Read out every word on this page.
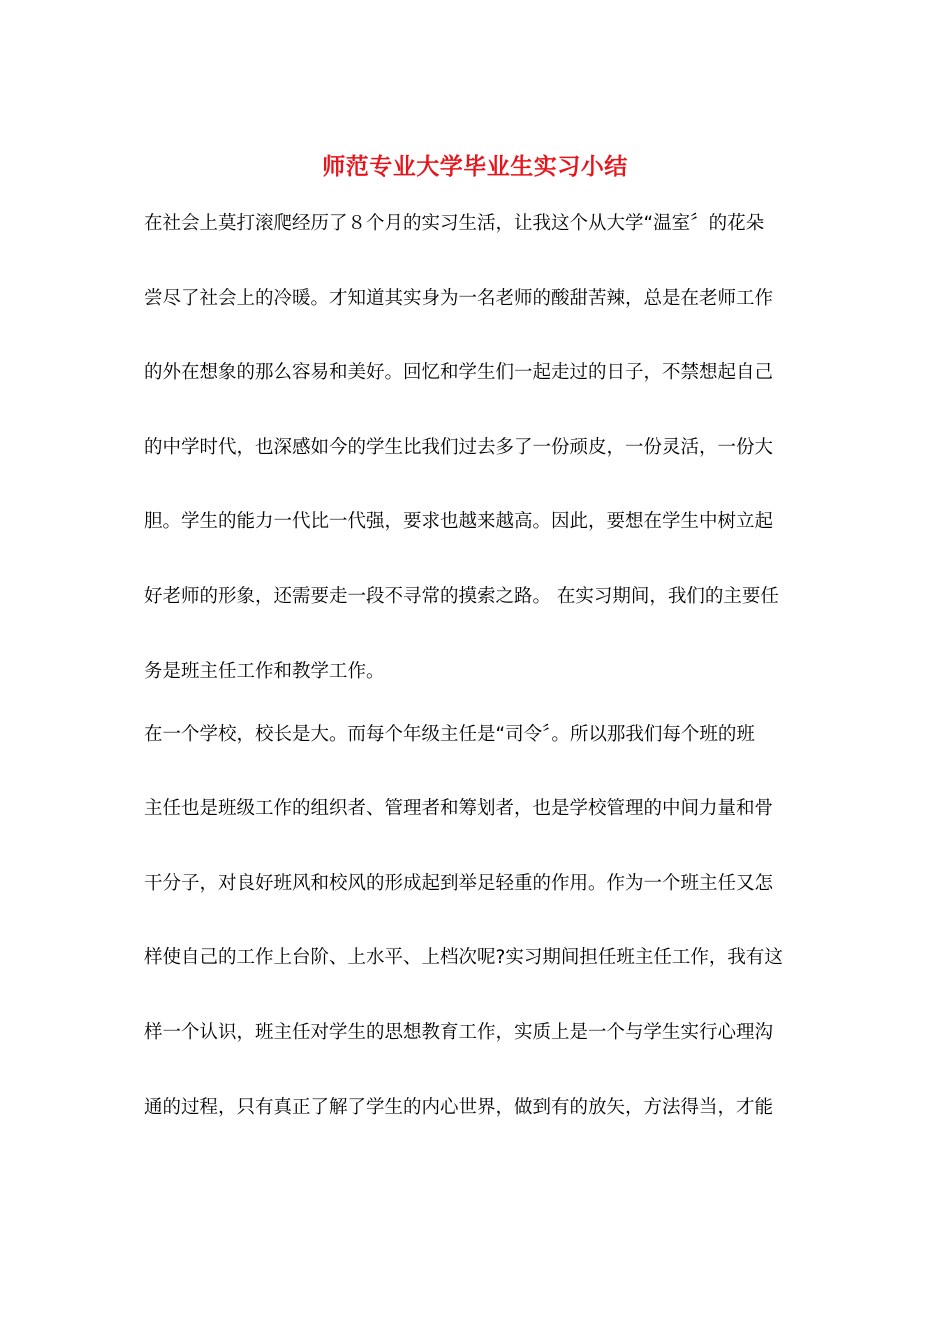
师范专业大学毕业生实习小结
在社会上莫打滚爬经历了８个月的实习生活，让我这个从大学“温室〞的花朵
尝尽了社会上的冷暖。才知道其实身为一名老师的酸甜苦辣，总是在老师工作
的外在想象的那么容易和美好。回忆和学生们一起走过的日子，不禁想起自己
的中学时代，也深感如今的学生比我们过去多了一份顽皮，一份灵活，一份大
胆。学生的能力一代比一代强，要求也越来越高。因此，要想在学生中树立起
好老师的形象，还需要走一段不寻常的摸索之路。 在实习期间，我们的主要任
务是班主任工作和教学工作。
在一个学校，校长是大。而每个年级主任是“司令〞。所以那我们每个班的班
主任也是班级工作的组织者、管理者和筹划者，也是学校管理的中间力量和骨
干分子，对良好班风和校风的形成起到举足轻重的作用。作为一个班主任又怎
样使自己的工作上台阶、上水平、上档次呢?实习期间担任班主任工作，我有这
样一个认识，班主任对学生的思想教育工作，实质上是一个与学生实行心理沟
通的过程，只有真正了解了学生的内心世界，做到有的放矢，方法得当，才能
